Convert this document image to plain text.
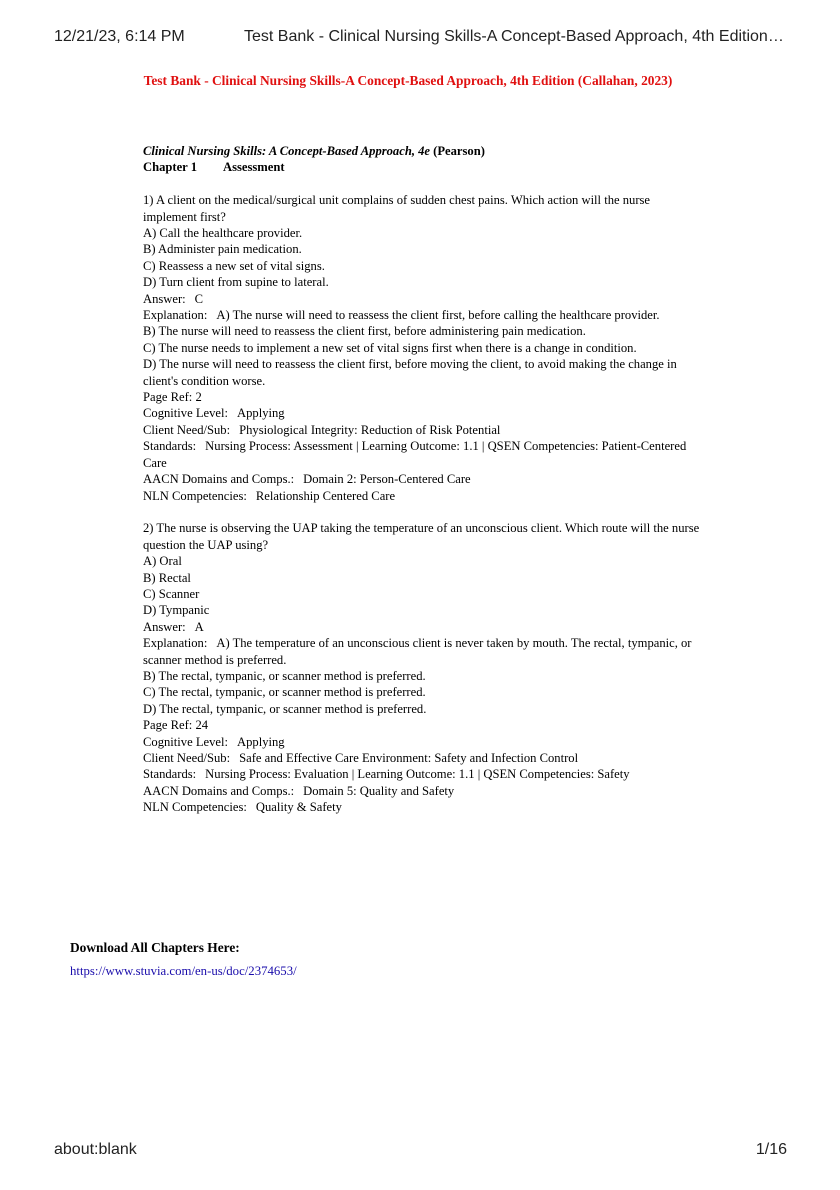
12/21/23, 6:14 PM	Test Bank - Clinical Nursing Skills-A Concept-Based Approach, 4th Edition…
Test Bank - Clinical Nursing Skills-A Concept-Based Approach, 4th Edition (Callahan, 2023)
Clinical Nursing Skills: A Concept-Based Approach, 4e (Pearson)
Chapter 1 Assessment
1) A client on the medical/surgical unit complains of sudden chest pains. Which action will the nurse implement first?
A) Call the healthcare provider.
B) Administer pain medication.
C) Reassess a new set of vital signs.
D) Turn client from supine to lateral.
Answer: C
Explanation: A) The nurse will need to reassess the client first, before calling the healthcare provider.
B) The nurse will need to reassess the client first, before administering pain medication.
C) The nurse needs to implement a new set of vital signs first when there is a change in condition.
D) The nurse will need to reassess the client first, before moving the client, to avoid making the change in client's condition worse.
Page Ref: 2
Cognitive Level: Applying
Client Need/Sub: Physiological Integrity: Reduction of Risk Potential
Standards: Nursing Process: Assessment | Learning Outcome: 1.1 | QSEN Competencies: Patient-Centered Care
AACN Domains and Comps.: Domain 2: Person-Centered Care
NLN Competencies: Relationship Centered Care
2) The nurse is observing the UAP taking the temperature of an unconscious client. Which route will the nurse question the UAP using?
A) Oral
B) Rectal
C) Scanner
D) Tympanic
Answer: A
Explanation: A) The temperature of an unconscious client is never taken by mouth. The rectal, tympanic, or scanner method is preferred.
B) The rectal, tympanic, or scanner method is preferred.
C) The rectal, tympanic, or scanner method is preferred.
D) The rectal, tympanic, or scanner method is preferred.
Page Ref: 24
Cognitive Level: Applying
Client Need/Sub: Safe and Effective Care Environment: Safety and Infection Control
Standards: Nursing Process: Evaluation | Learning Outcome: 1.1 | QSEN Competencies: Safety
AACN Domains and Comps.: Domain 5: Quality and Safety
NLN Competencies: Quality & Safety
Download All Chapters Here:
https://www.stuvia.com/en-us/doc/2374653/
about:blank	1/16
